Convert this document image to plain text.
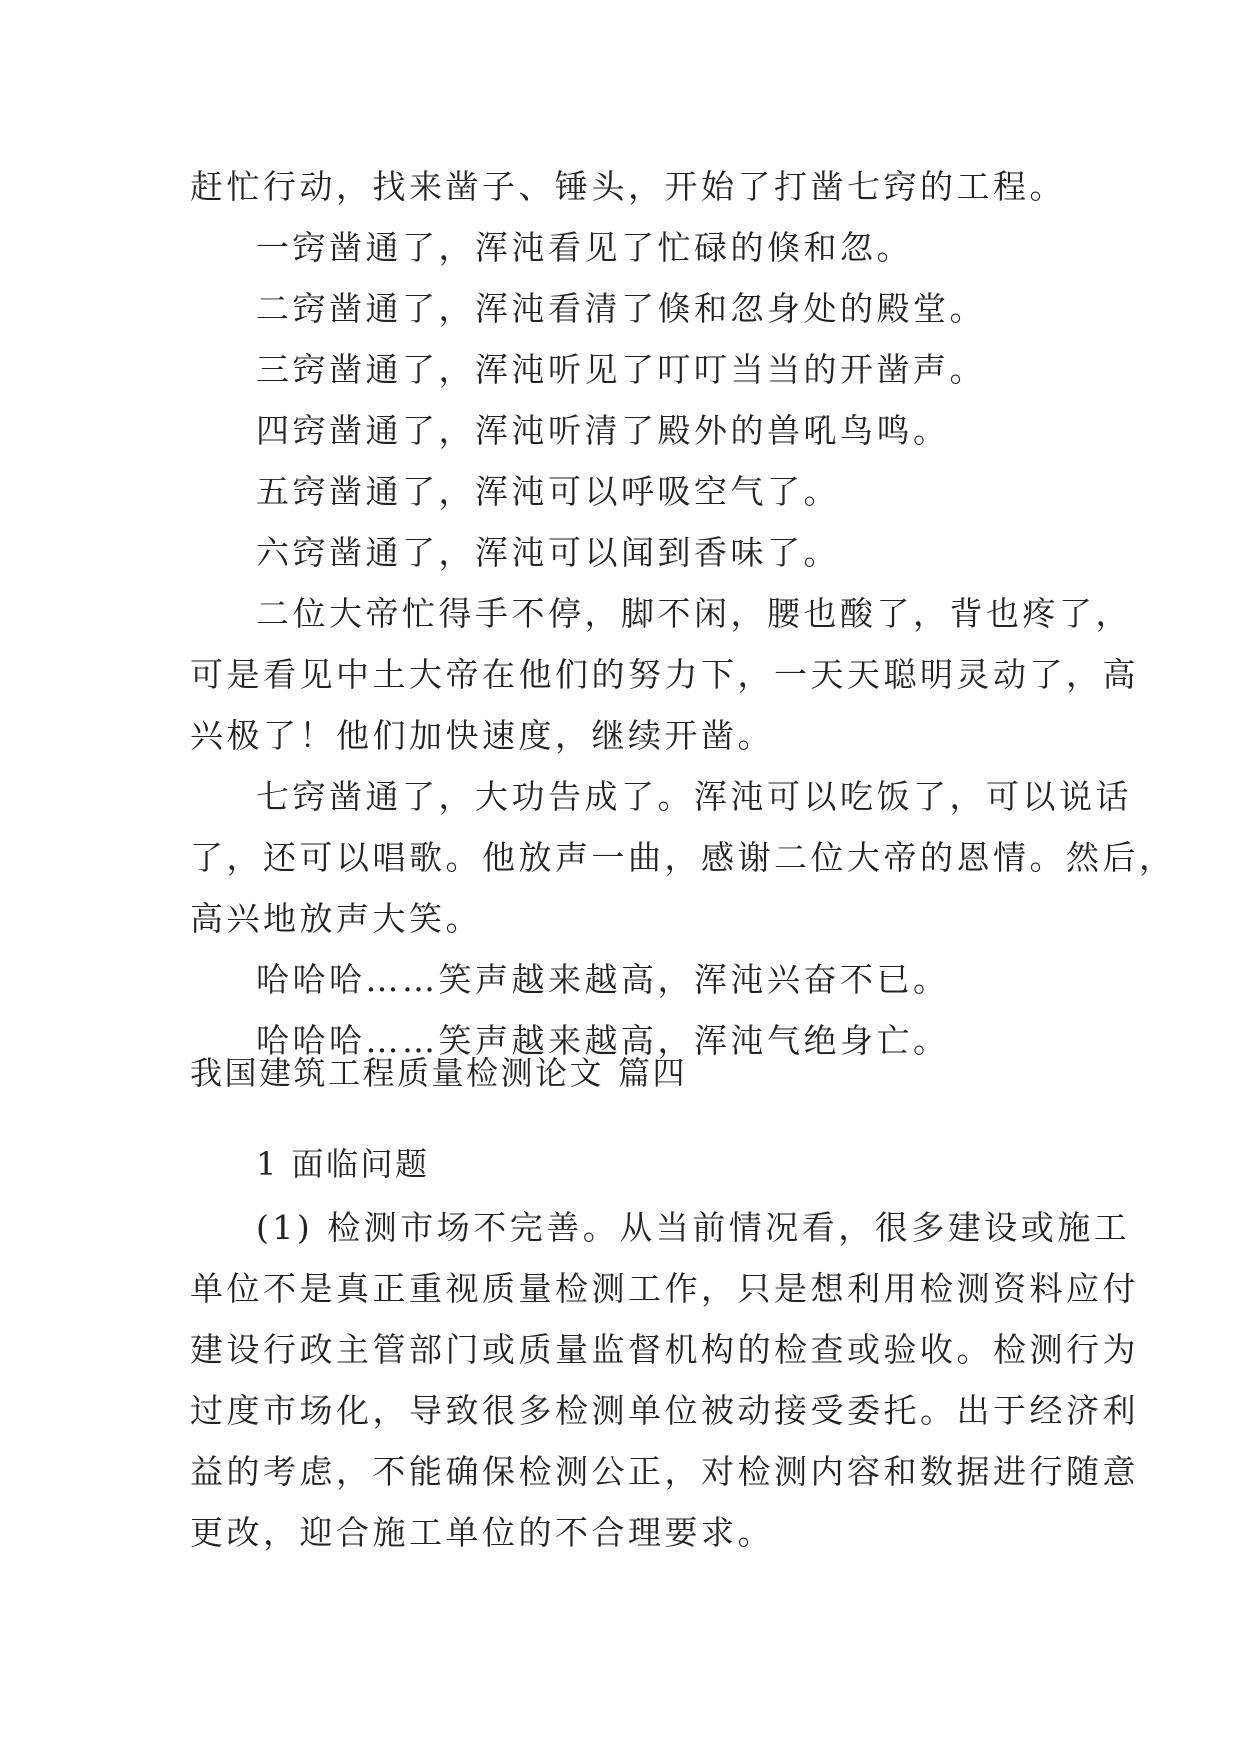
赶忙行动，找来凿子、锤头，开始了打凿七窍的工程。
一窍凿通了，浑沌看见了忙碌的倏和忽。
二窍凿通了，浑沌看清了倏和忽身处的殿堂。
三窍凿通了，浑沌听见了叮叮当当的开凿声。
四窍凿通了，浑沌听清了殿外的兽吼鸟鸣。
五窍凿通了，浑沌可以呼吸空气了。
六窍凿通了，浑沌可以闻到香味了。
二位大帝忙得手不停，脚不闲，腰也酸了，背也疼了，
可是看见中土大帝在他们的努力下，一天天聪明灵动了，高
兴极了！他们加快速度，继续开凿。
七窍凿通了，大功告成了。浑沌可以吃饭了，可以说话
了，还可以唱歌。他放声一曲，感谢二位大帝的恩情。然后，
高兴地放声大笑。
哈哈哈……笑声越来越高，浑沌兴奋不已。
哈哈哈……笑声越来越高，浑沌气绝身亡。
我国建筑工程质量检测论文 篇四
1 面临问题
(1) 检测市场不完善。从当前情况看，很多建设或施工
单位不是真正重视质量检测工作，只是想利用检测资料应付
建设行政主管部门或质量监督机构的检查或验收。检测行为
过度市场化，导致很多检测单位被动接受委托。出于经济利
益的考虑，不能确保检测公正，对检测内容和数据进行随意
更改，迎合施工单位的不合理要求。
